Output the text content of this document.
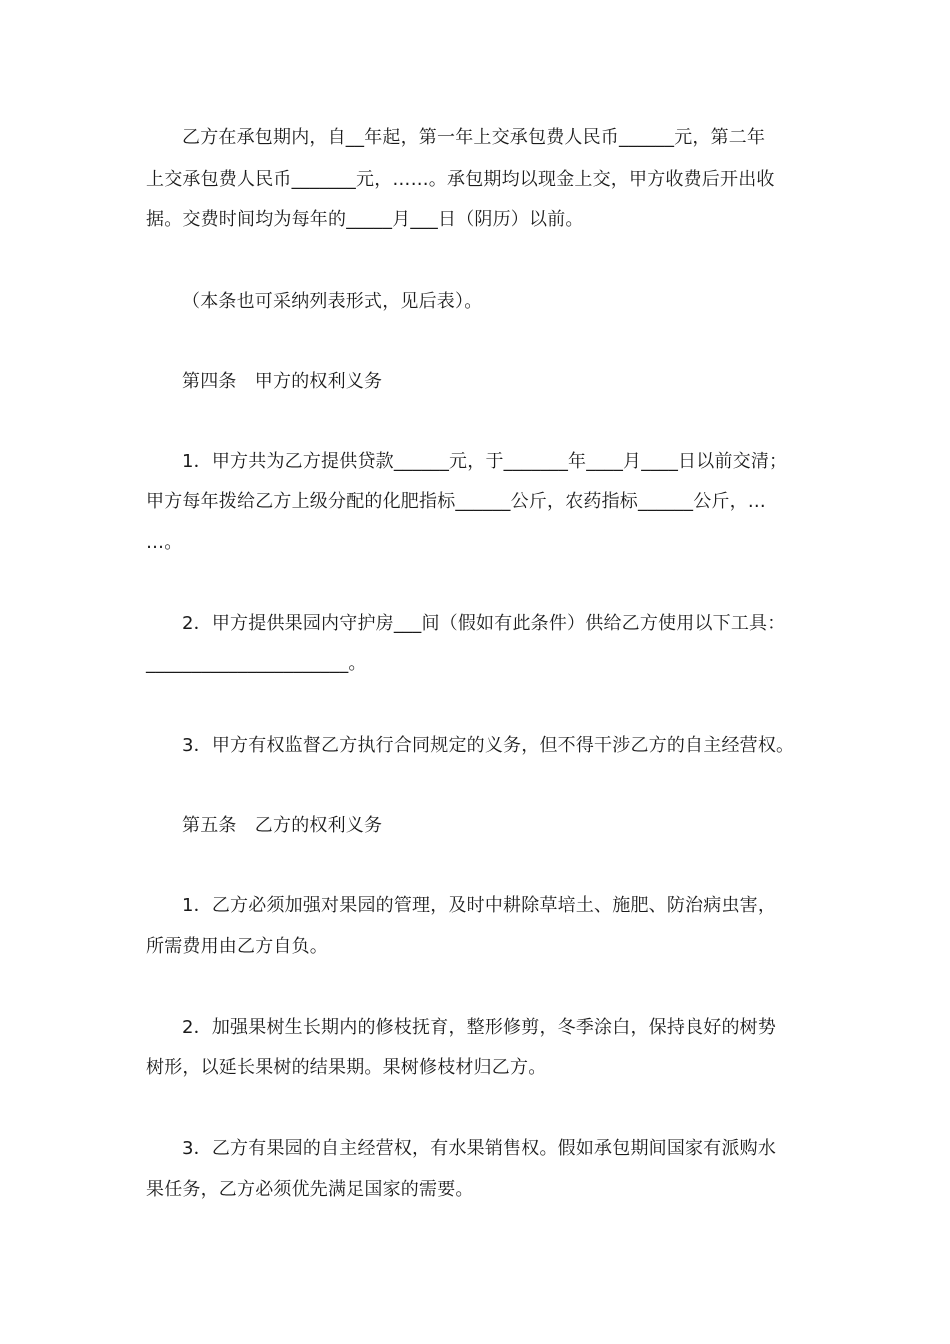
乙方在承包期内，自__年起，第一年上交承包费人民币______元，第二年
上交承包费人民币_______元，……。承包期均以现金上交，甲方收费后开出收
据。交费时间均为每年的_____月___日（阴历）以前。
（本条也可采纳列表形式，见后表）。
第四条　甲方的权利义务
1．甲方共为乙方提供贷款______元，于_______年____月____日以前交清；
甲方每年拨给乙方上级分配的化肥指标______公斤，农药指标______公斤，…
…。
2．甲方提供果园内守护房___间（假如有此条件）供给乙方使用以下工具：
______________________。
3．甲方有权监督乙方执行合同规定的义务，但不得干涉乙方的自主经营权。
第五条　乙方的权利义务
1．乙方必须加强对果园的管理，及时中耕除草培土、施肥、防治病虫害，
所需费用由乙方自负。
2．加强果树生长期内的修枝抚育，整形修剪，冬季涂白，保持良好的树势
树形，以延长果树的结果期。果树修枝材归乙方。
3．乙方有果园的自主经营权，有水果销售权。假如承包期间国家有派购水
果任务，乙方必须优先满足国家的需要。
